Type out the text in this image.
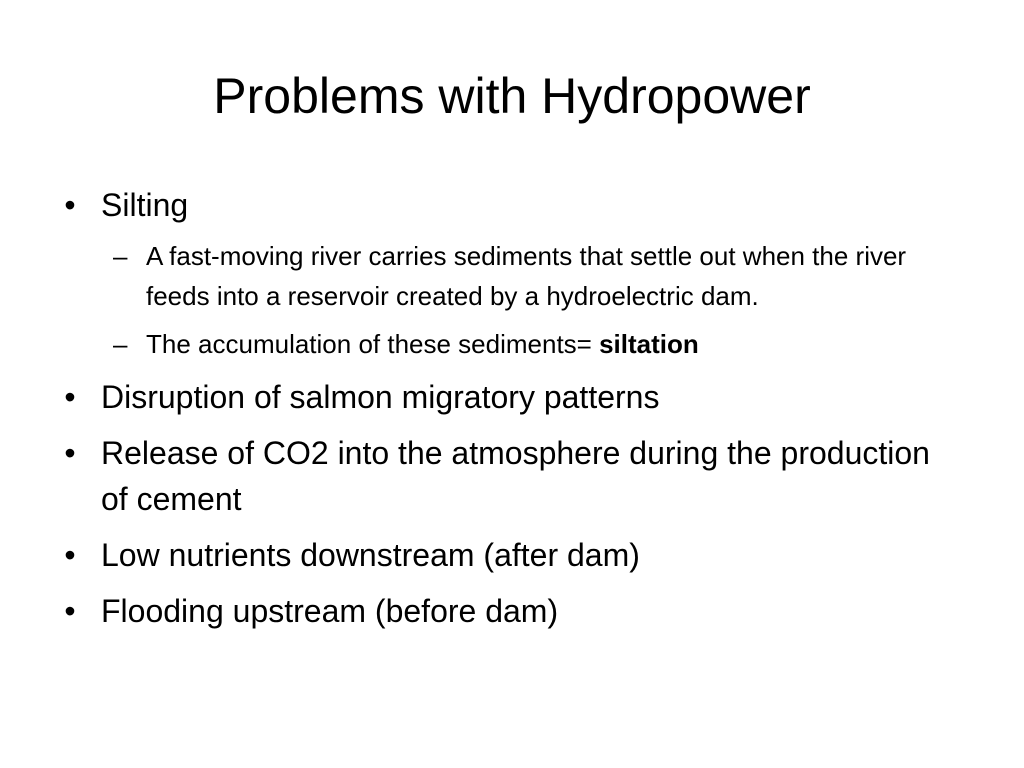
Problems with Hydropower
• Silting
– A fast-moving river carries sediments that settle out when the river feeds into a reservoir created by a hydroelectric dam.
– The accumulation of these sediments= siltation
• Disruption of salmon migratory patterns
• Release of CO2 into the atmosphere during the production of cement
• Low nutrients downstream (after dam)
• Flooding upstream (before dam)
